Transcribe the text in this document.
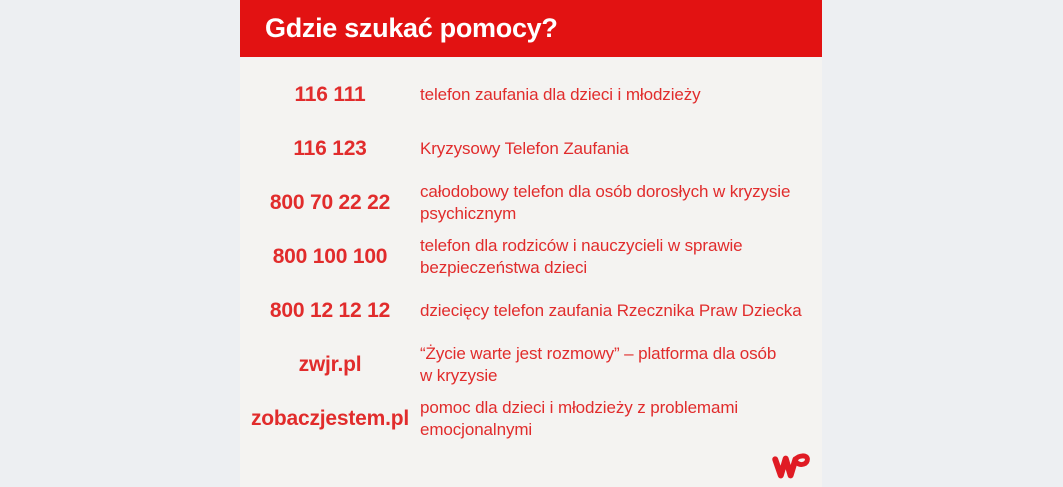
Gdzie szukać pomocy?
116 111	telefon zaufania dla dzieci i młodzieży
116 123	Kryzysowy Telefon Zaufania
800 70 22 22	całodobowy telefon dla osób dorosłych w kryzysie
psychicznym
800 100 100	telefon dla rodziców i nauczycieli w sprawie
bezpieczeństwa dzieci
800 12 12 12	dziecięcy telefon zaufania Rzecznika Praw Dziecka
zwjr.pl	“Życie warte jest rozmowy” – platforma dla osób
w kryzysie
zobaczjestem.pl pomoc dla dzieci i młodzieży z problemami
emocjonalnymi
